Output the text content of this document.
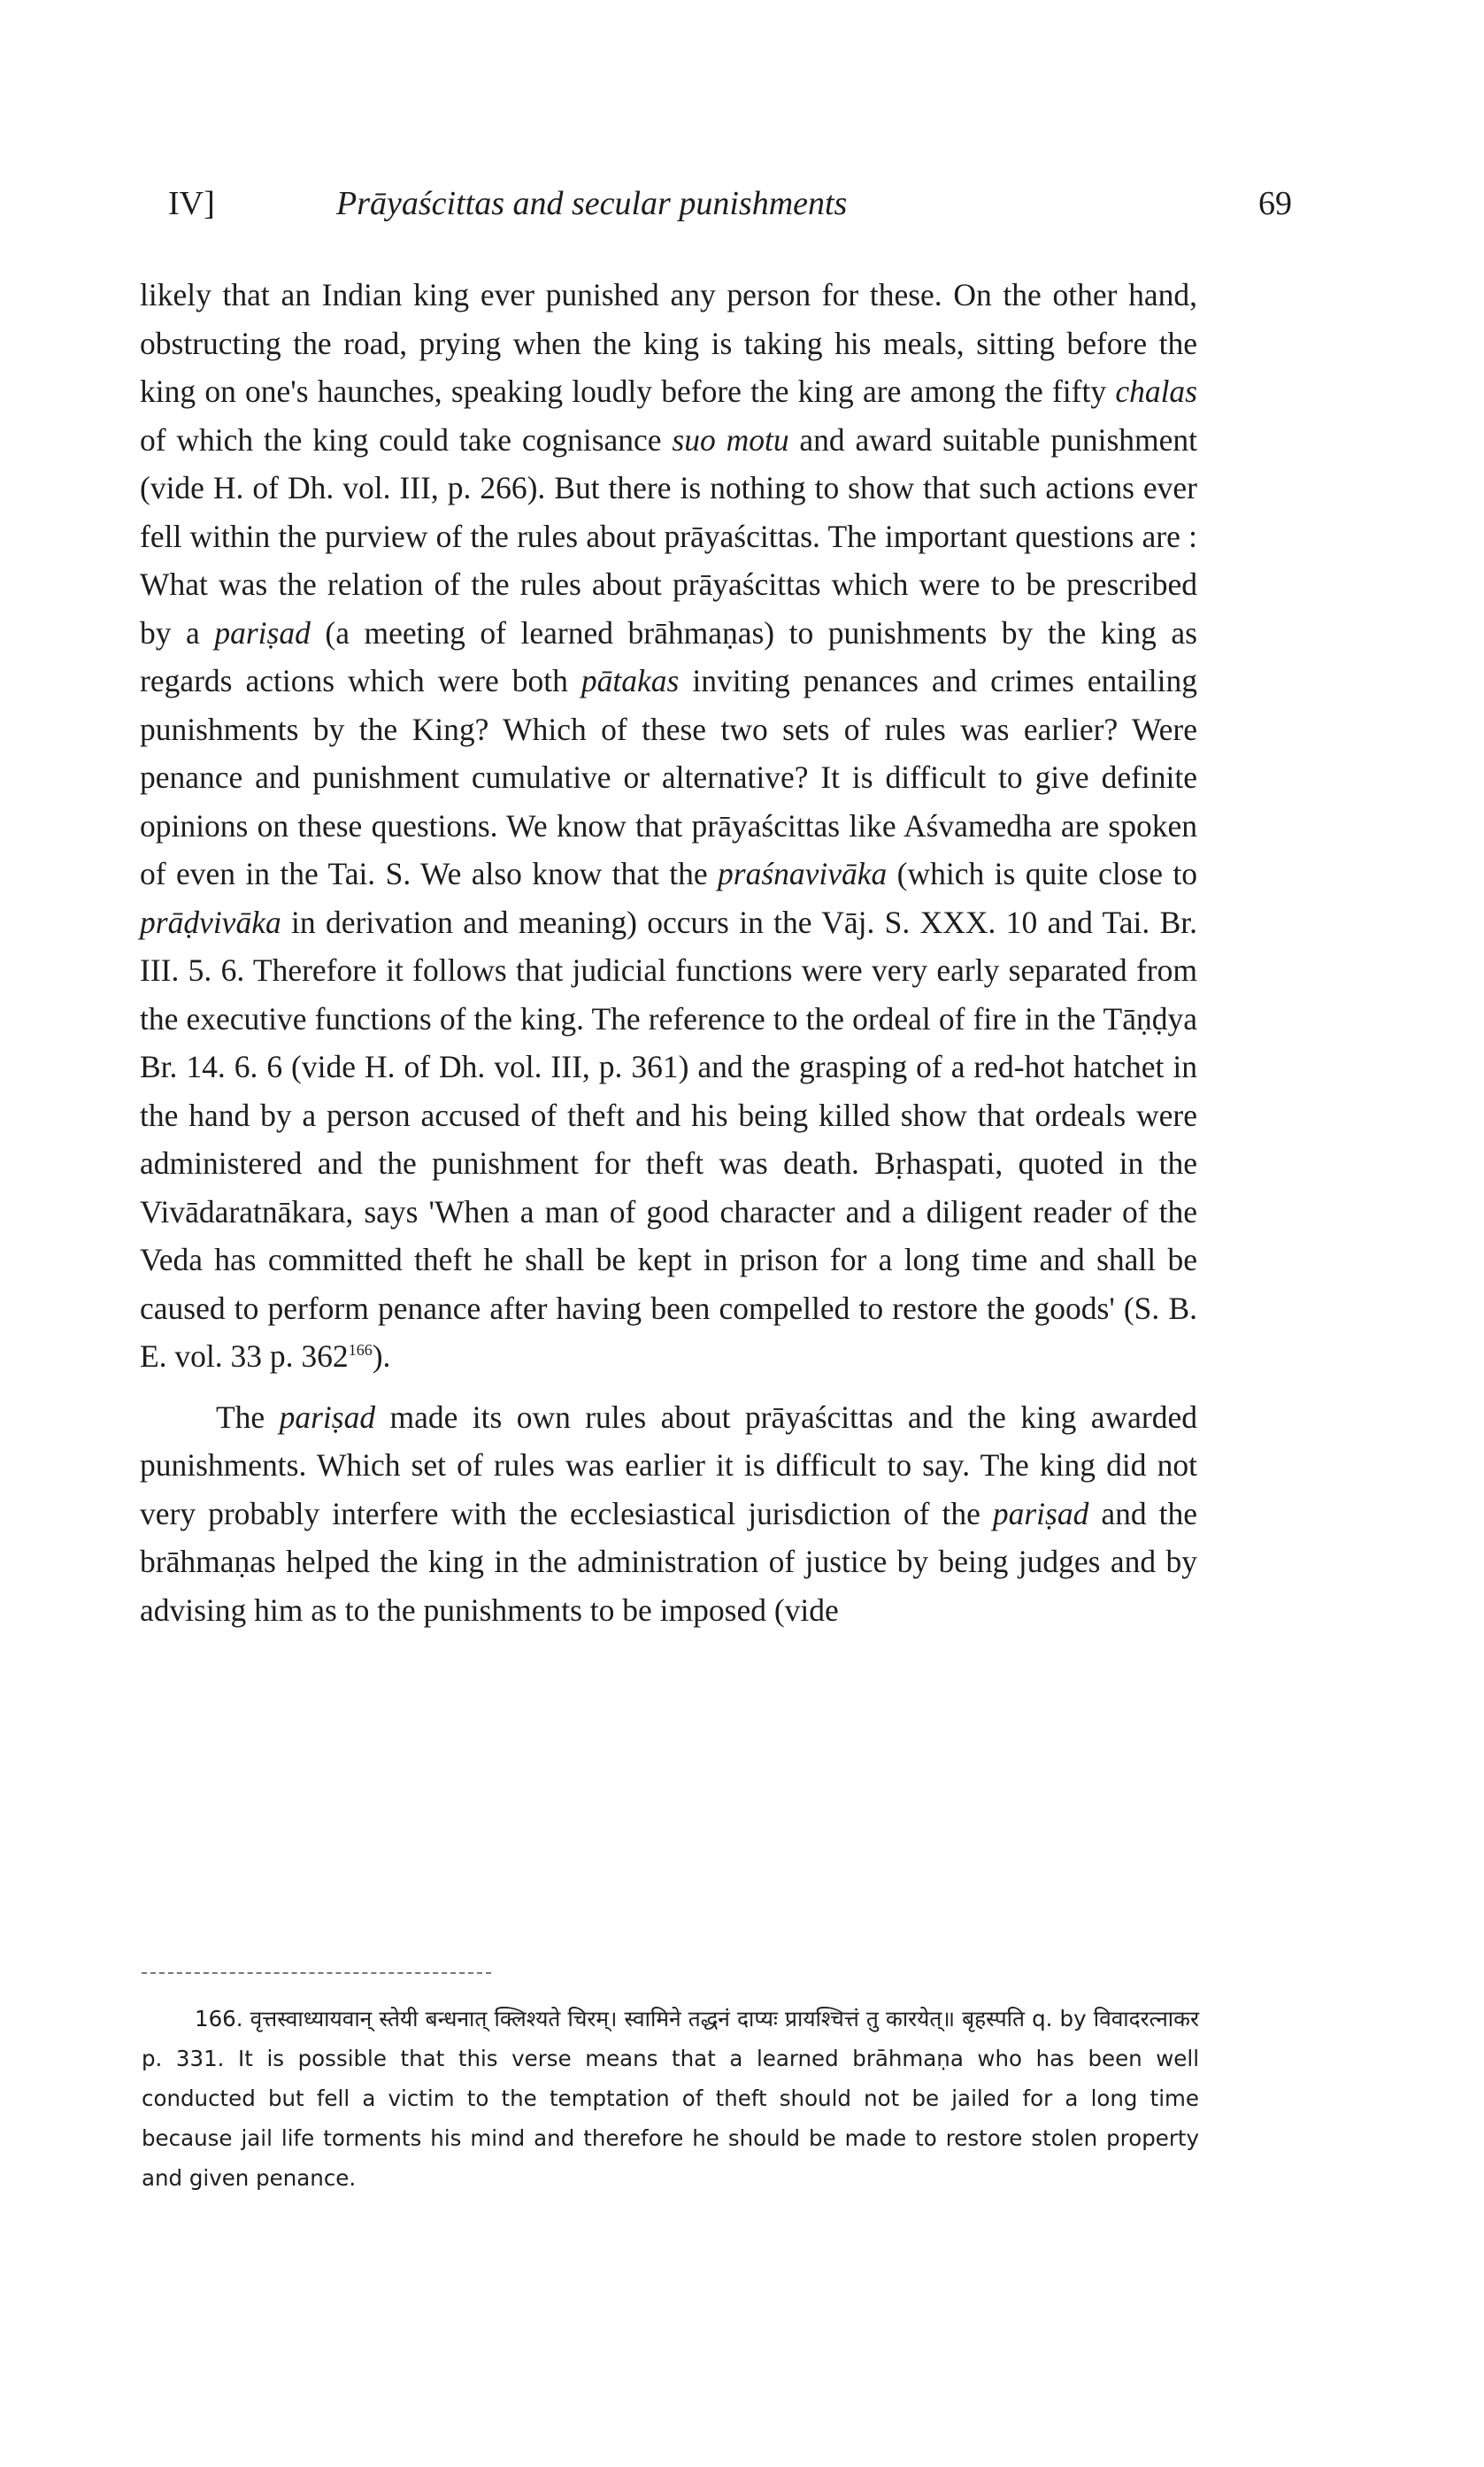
IV]	Prāyaścittas and secular punishments	69

likely that an Indian king ever punished any person for these. On the other hand, obstructing the road, prying when the king is taking his meals, sitting before the king on one's haunches, speaking loudly before the king are among the fifty chalas of which the king could take cognisance suo motu and award suitable punishment (vide H. of Dh. vol. III, p. 266). But there is nothing to show that such actions ever fell within the purview of the rules about prāyaścittas. The important questions are : What was the relation of the rules about prāyaścittas which were to be prescribed by a pariṣad (a meeting of learned brāhmaṇas) to punishments by the king as regards actions which were both pātakas inviting penances and crimes entailing punishments by the King? Which of these two sets of rules was earlier? Were penance and punishment cumulative or alternative? It is difficult to give definite opinions on these questions. We know that prāyaścittas like Aśvamedha are spoken of even in the Tai. S. We also know that the praśnavivāka (which is quite close to prāḍvivāka in derivation and meaning) occurs in the Vāj. S. XXX. 10 and Tai. Br. III. 5. 6. Therefore it follows that judicial functions were very early separated from the executive functions of the king. The reference to the ordeal of fire in the Tāṇḍya Br. 14. 6. 6 (vide H. of Dh. vol. III, p. 361) and the grasping of a red-hot hatchet in the hand by a person accused of theft and his being killed show that ordeals were administered and the punishment for theft was death. Bṛhaspati, quoted in the Vivādaratnākara, says 'When a man of good character and a diligent reader of the Veda has committed theft he shall be kept in prison for a long time and shall be caused to perform penance after having been compelled to restore the goods' (S. B. E. vol. 33 p. $362^{166}$).

The pariṣad made its own rules about prāyaścittas and the king awarded punishments. Which set of rules was earlier it is difficult to say. The king did not very probably interfere with the ecclesiastical jurisdiction of the pariṣad and the brāhmaṇas helped the king in the administration of justice by being judges and by advising him as to the punishments to be imposed (vide

166. वृत्तस्वाध्यायवान् स्तेयी बन्धनात् क्लिश्यते चिरम्। स्वामिने तद्धनं दाप्यः प्रायश्चित्तं तु कारयेत्॥ बृहस्पति q. by विवादरत्नाकर p. 331. It is possible that this verse means that a learned brāhmaṇa who has been well conducted but fell a victim to the temptation of theft should not be jailed for a long time because jail life torments his mind and therefore he should be made to restore stolen property and given penance.
